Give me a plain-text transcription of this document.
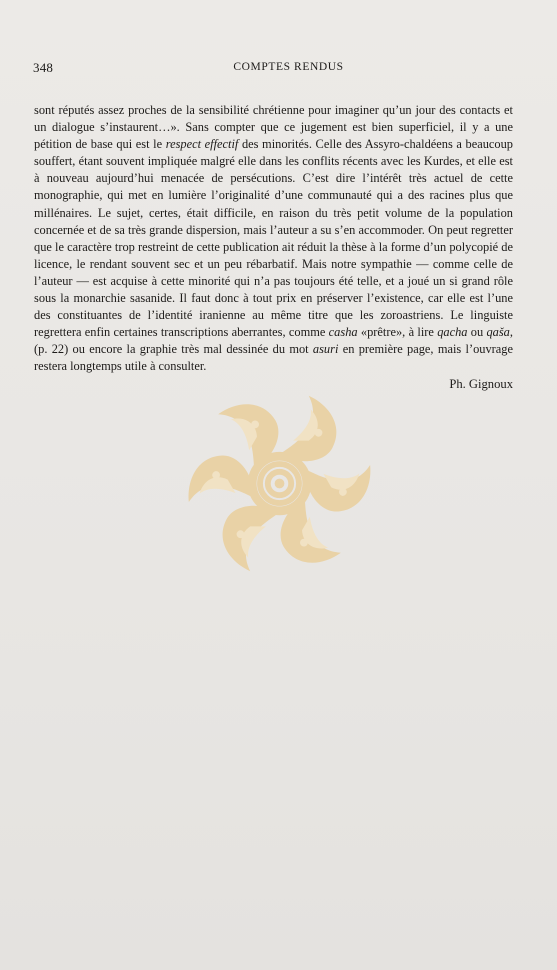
348	COMPTES RENDUS

sont réputés assez proches de la sensibilité chrétienne pour imaginer qu’un jour des contacts et un dialogue s’instaurent…». Sans compter que ce jugement est bien superficiel, il y a une pétition de base qui est le respect effectif des minorités. Celle des Assyro-chaldéens a beaucoup souffert, étant souvent impliquée malgré elle dans les conflits récents avec les Kurdes, et elle est à nouveau aujourd’hui menacée de persécutions. C’est dire l’intérêt très actuel de cette monographie, qui met en lumière l’originalité d’une communauté qui a des racines plus que millénaires. Le sujet, certes, était difficile, en raison du très petit volume de la population concernée et de sa très grande dispersion, mais l’auteur a su s’en accommoder. On peut regretter que le caractère trop restreint de cette publication ait réduit la thèse à la forme d’un polycopié de licence, le rendant souvent sec et un peu rébarbatif. Mais notre sympathie — comme celle de l’auteur — est acquise à cette minorité qui n’a pas toujours été telle, et a joué un si grand rôle sous la monarchie sasanide. Il faut donc à tout prix en préserver l’existence, car elle est l’une des constituantes de l’identité iranienne au même titre que les zoroastriens. Le linguiste regrettera enfin certaines transcriptions aberrantes, comme casha «prêtre», à lire qacha ou qaša, (p. 22) ou encore la graphie très mal dessinée du mot asuri en première page, mais l’ouvrage restera longtemps utile à consulter.

Ph. Gignoux
